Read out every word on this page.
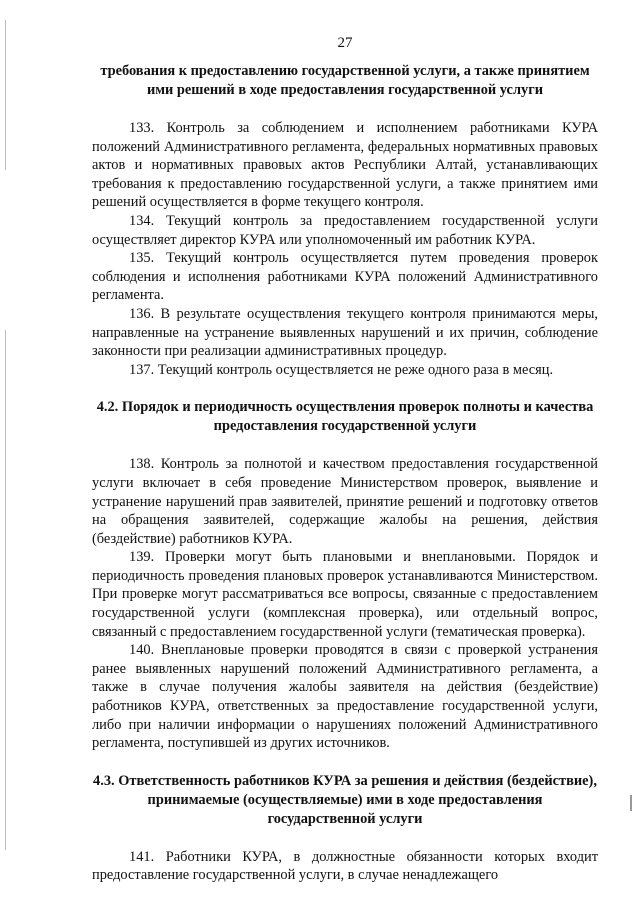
27

требования к предоставлению государственной услуги, а также принятием ими решений в ходе предоставления государственной услуги

133. Контроль за соблюдением и исполнением работниками КУРА положений Административного регламента, федеральных нормативных правовых актов и нормативных правовых актов Республики Алтай, устанавливающих требования к предоставлению государственной услуги, а также принятием ими решений осуществляется в форме текущего контроля.

134. Текущий контроль за предоставлением государственной услуги осуществляет директор КУРА или уполномоченный им работник КУРА.

135. Текущий контроль осуществляется путем проведения проверок соблюдения и исполнения работниками КУРА положений Административного регламента.

136. В результате осуществления текущего контроля принимаются меры, направленные на устранение выявленных нарушений и их причин, соблюдение законности при реализации административных процедур.

137. Текущий контроль осуществляется не реже одного раза в месяц.

4.2. Порядок и периодичность осуществления проверок полноты и качества предоставления государственной услуги

138. Контроль за полнотой и качеством предоставления государственной услуги включает в себя проведение Министерством проверок, выявление и устранение нарушений прав заявителей, принятие решений и подготовку ответов на обращения заявителей, содержащие жалобы на решения, действия (бездействие) работников КУРА.

139. Проверки могут быть плановыми и внеплановыми. Порядок и периодичность проведения плановых проверок устанавливаются Министерством. При проверке могут рассматриваться все вопросы, связанные с предоставлением государственной услуги (комплексная проверка), или отдельный вопрос, связанный с предоставлением государственной услуги (тематическая проверка).

140. Внеплановые проверки проводятся в связи с проверкой устранения ранее выявленных нарушений положений Административного регламента, а также в случае получения жалобы заявителя на действия (бездействие) работников КУРА, ответственных за предоставление государственной услуги, либо при наличии информации о нарушениях положений Административного регламента, поступившей из других источников.

4.3. Ответственность работников КУРА за решения и действия (бездействие), принимаемые (осуществляемые) ими в ходе предоставления государственной услуги

141. Работники КУРА, в должностные обязанности которых входит предоставление государственной услуги, в случае ненадлежащего
